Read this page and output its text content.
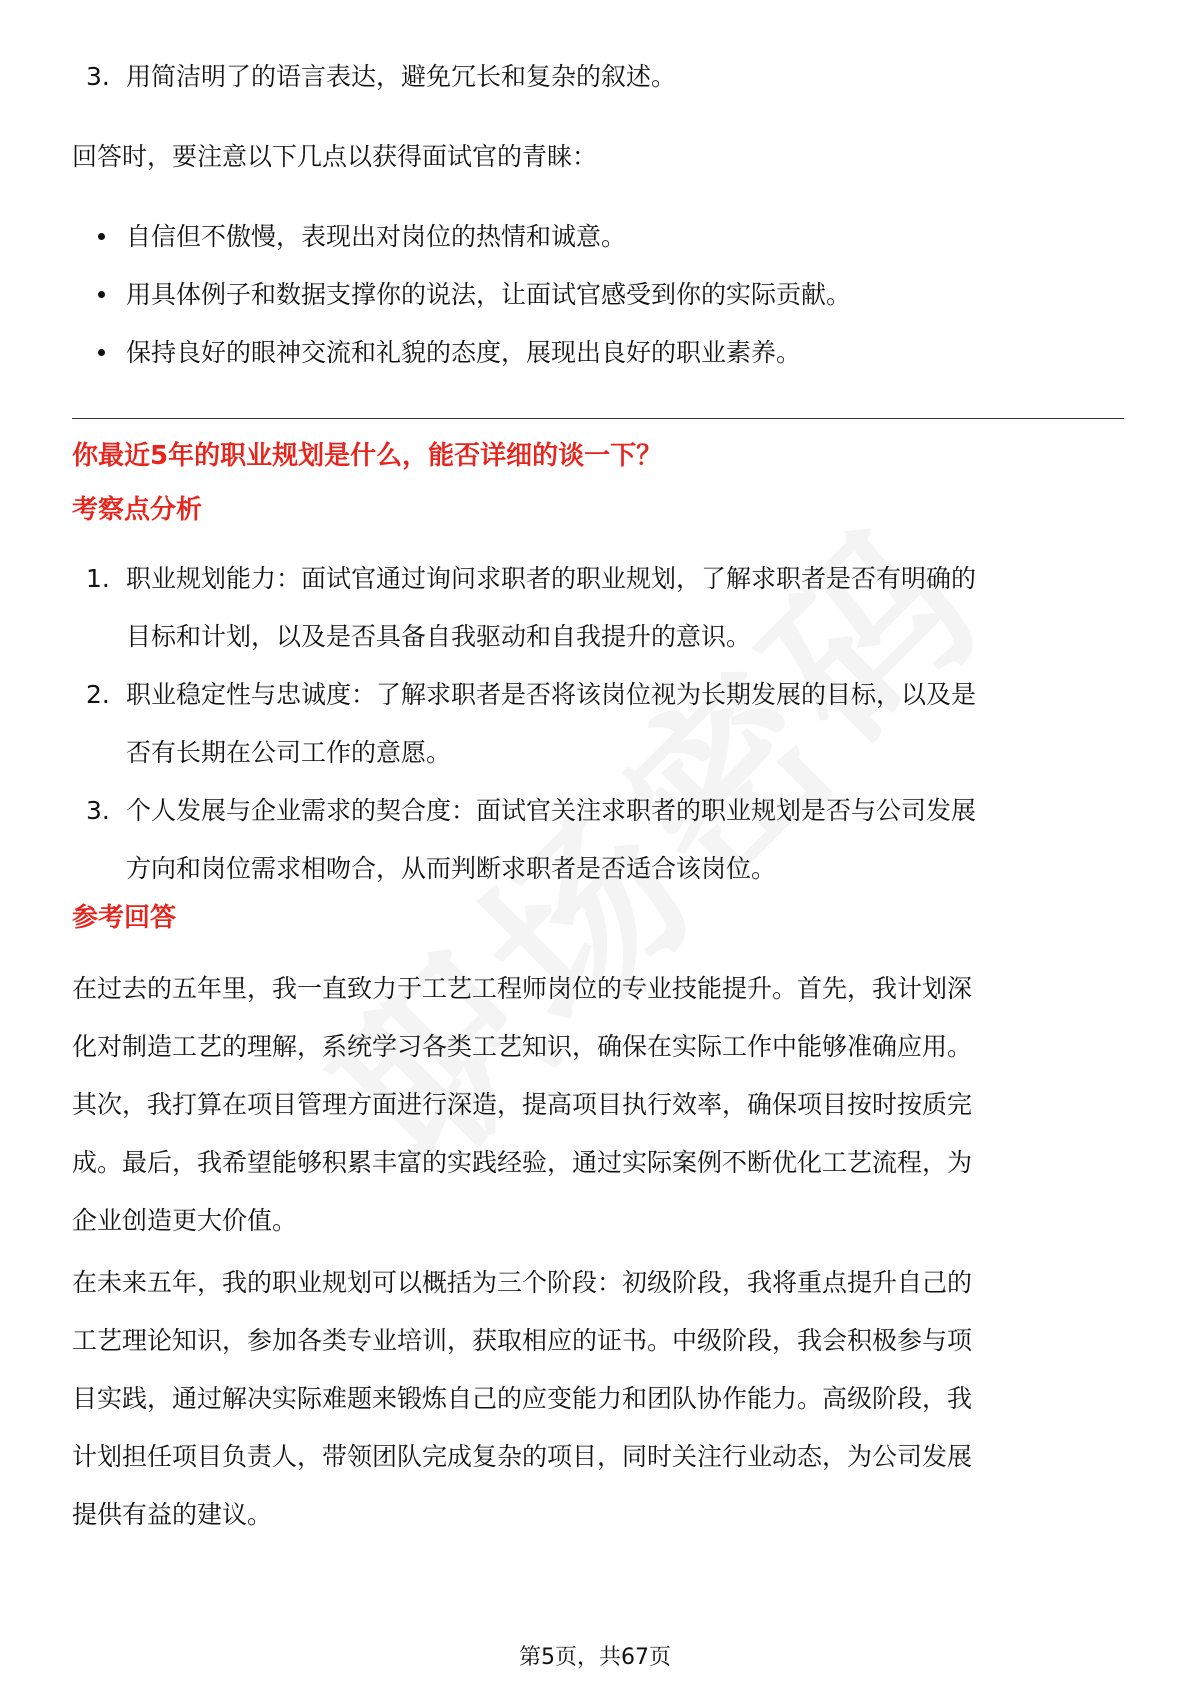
3. 用简洁明了的语言表达，避免冗长和复杂的叙述。

回答时，要注意以下几点以获得面试官的青睐：

自信但不傲慢，表现出对岗位的热情和诚意。
用具体例子和数据支撑你的说法，让面试官感受到你的实际贡献。
保持良好的眼神交流和礼貌的态度，展现出良好的职业素养。

你最近5年的职业规划是什么，能否详细的谈一下？

考察点分析

1. 职业规划能力：面试官通过询问求职者的职业规划，了解求职者是否有明确的
目标和计划，以及是否具备自我驱动和自我提升的意识。
2. 职业稳定性与忠诚度：了解求职者是否将该岗位视为长期发展的目标，以及是
否有长期在公司工作的意愿。
3. 个人发展与企业需求的契合度：面试官关注求职者的职业规划是否与公司发展
方向和岗位需求相吻合，从而判断求职者是否适合该岗位。

参考回答

在过去的五年里，我一直致力于工艺工程师岗位的专业技能提升。首先，我计划深

化对制造工艺的理解，系统学习各类工艺知识，确保在实际工作中能够准确应用。

其次，我打算在项目管理方面进行深造，提高项目执行效率，确保项目按时按质完

成。最后，我希望能够积累丰富的实践经验，通过实际案例不断优化工艺流程，为

企业创造更大价值。

在未来五年，我的职业规划可以概括为三个阶段：初级阶段，我将重点提升自己的

工艺理论知识，参加各类专业培训，获取相应的证书。中级阶段，我会积极参与项

目实践，通过解决实际难题来锻炼自己的应变能力和团队协作能力。高级阶段，我

计划担任项目负责人，带领团队完成复杂的项目，同时关注行业动态，为公司发展

提供有益的建议。

第5页，共67页
